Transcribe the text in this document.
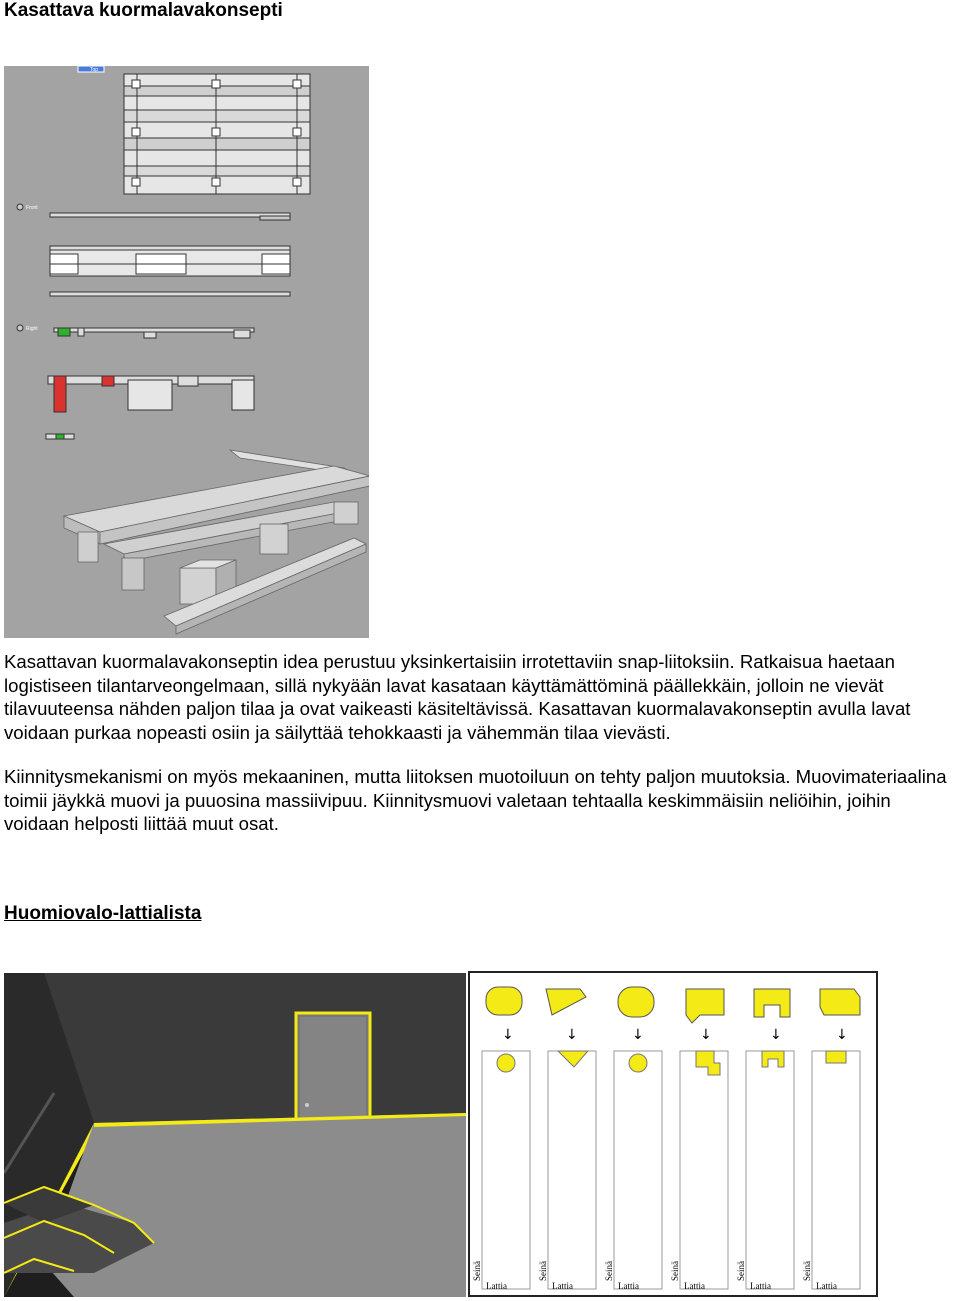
Kasattava kuormalavakonsepti
Top
Front
Right

Kasattavan kuormalavakonseptin idea perustuu yksinkertaisiin irrotettaviin snap-liitoksiin. Ratkaisua haetaan logistiseen tilantarveongelmaan, sillä nykyään lavat kasataan käyttämättöminä päällekkäin, jolloin ne vievät tilavuuteensa nähden paljon tilaa ja ovat vaikeasti käsiteltävissä. Kasattavan kuormalavakonseptin avulla lavat voidaan purkaa nopeasti osiin ja säilyttää tehokkaasti ja vähemmän tilaa vievästi.

Kiinnitysmekanismi on myös mekaaninen, mutta liitoksen muotoiluun on tehty paljon muutoksia. Muovimateriaalina toimii jäykkä muovi ja puuosina massiivipuu. Kiinnitysmuovi valetaan tehtaalla keskimmäisiin neliöihin, joihin voidaan helposti liittää muut osat.

Huomiovalo-lattialista
↓	↓	↓	↓	↓	↓
Lattia	Lattia	Lattia	Lattia	Lattia	Lattia
Seinä	Seinä	Seinä	Seinä	Seinä	Seinä
